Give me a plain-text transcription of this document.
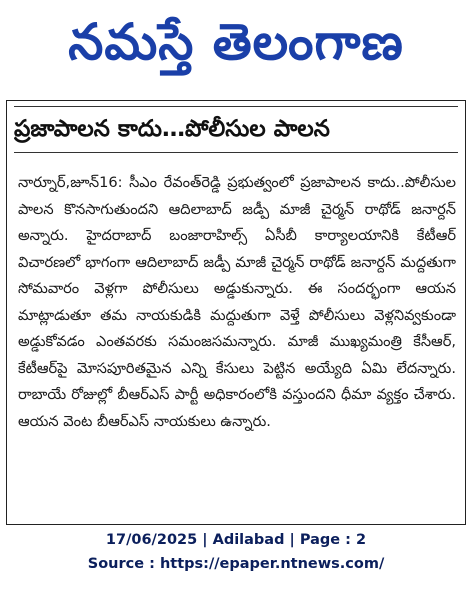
నమస్తే తెలంగాణ
ప్రజాపాలన కాదు…పోలీసుల పాలన
నార్నూర్,జూన్16: సీఎం రేవంత్‌రెడ్డి ప్రభుత్వంలో ప్రజాపాలన కాదు..పోలీసుల పాలన కొనసాగుతుందని ఆదిలాబాద్ జడ్పీ మాజీ చైర్మన్ రాథోడ్ జనార్దన్ అన్నారు. హైదరాబాద్ బంజారాహిల్స్ ఏసీబీ కార్యాలయానికి కేటీఆర్ విచారణలో భాగంగా ఆదిలాబాద్ జడ్పీ మాజీ చైర్మన్ రాథోడ్ జనార్దన్ మద్దతుగా సోమవారం వెళ్లగా పోలీసులు అడ్డుకున్నారు. ఈ సందర్భంగా ఆయన మాట్లాడుతూ తమ నాయకుడికి మద్దుతుగా వెళ్తే పోలీసులు వెళ్లనివ్వకుండా అడ్డుకోవడం ఎంతవరకు సమంజసమన్నారు. మాజీ ముఖ్యమంత్రి కేసీఆర్, కేటీఆర్‌పై మోసపూరితమైన ఎన్ని కేసులు పెట్టిన అయ్యేది ఏమి లేదన్నారు. రాబాయే రోజుల్లో బీఆర్‌ఎస్ పార్టీ అధికారంలోకి వస్తుందని ధీమా వ్యక్తం చేశారు. ఆయన వెంట బీఆర్‌ఎస్ నాయకులు ఉన్నారు.
17/06/2025 | Adilabad | Page : 2
Source : https://epaper.ntnews.com/
